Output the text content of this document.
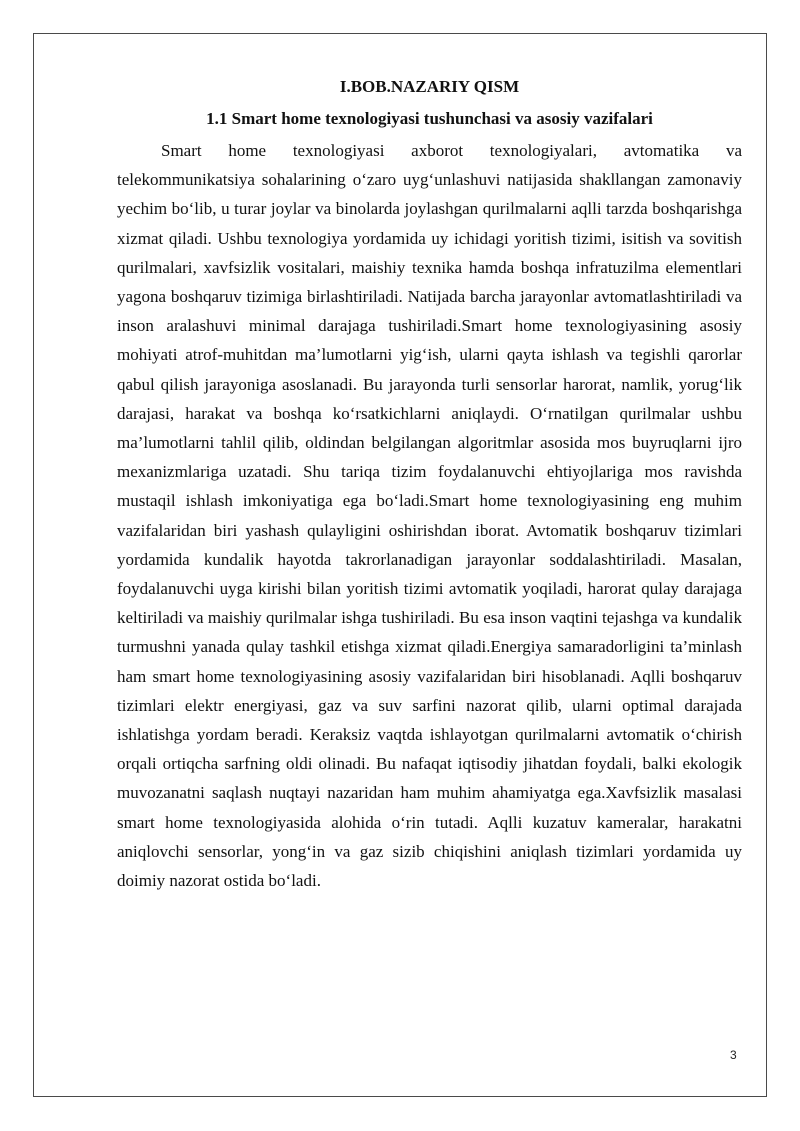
I.BOB.NAZARIY QISM
1.1 Smart home texnologiyasi tushunchasi va asosiy vazifalari

Smart home texnologiyasi axborot texnologiyalari, avtomatika va telekommunikatsiya sohalarining o‘zaro uyg‘unlashuvi natijasida shakllangan zamonaviy yechim bo‘lib, u turar joylar va binolarda joylashgan qurilmalarni aqlli tarzda boshqarishga xizmat qiladi. Ushbu texnologiya yordamida uy ichidagi yoritish tizimi, isitish va sovitish qurilmalari, xavfsizlik vositalari, maishiy texnika hamda boshqa infratuzilma elementlari yagona boshqaruv tizimiga birlashtiriladi. Natijada barcha jarayonlar avtomatlashtiriladi va inson aralashuvi minimal darajaga tushiriladi.Smart home texnologiyasining asosiy mohiyati atrof-muhitdan ma’lumotlarni yig‘ish, ularni qayta ishlash va tegishli qarorlar qabul qilish jarayoniga asoslanadi. Bu jarayonda turli sensorlar harorat, namlik, yorug‘lik darajasi, harakat va boshqa ko‘rsatkichlarni aniqlaydi. O‘rnatilgan qurilmalar ushbu ma’lumotlarni tahlil qilib, oldindan belgilangan algoritmlar asosida mos buyruqlarni ijro mexanizmlariga uzatadi. Shu tariqa tizim foydalanuvchi ehtiyojlariga mos ravishda mustaqil ishlash imkoniyatiga ega bo‘ladi.Smart home texnologiyasining eng muhim vazifalaridan biri yashash qulayligini oshirishdan iborat. Avtomatik boshqaruv tizimlari yordamida kundalik hayotda takrorlanadigan jarayonlar soddalashtiriladi. Masalan, foydalanuvchi uyga kirishi bilan yoritish tizimi avtomatik yoqiladi, harorat qulay darajaga keltiriladi va maishiy qurilmalar ishga tushiriladi. Bu esa inson vaqtini tejashga va kundalik turmushni yanada qulay tashkil etishga xizmat qiladi.Energiya samaradorligini ta’minlash ham smart home texnologiyasining asosiy vazifalaridan biri hisoblanadi. Aqlli boshqaruv tizimlari elektr energiyasi, gaz va suv sarfini nazorat qilib, ularni optimal darajada ishlatishga yordam beradi. Keraksiz vaqtda ishlayotgan qurilmalarni avtomatik o‘chirish orqali ortiqcha sarfning oldi olinadi. Bu nafaqat iqtisodiy jihatdan foydali, balki ekologik muvozanatni saqlash nuqtayi nazaridan ham muhim ahamiyatga ega.Xavfsizlik masalasi smart home texnologiyasida alohida o‘rin tutadi. Aqlli kuzatuv kameralar, harakatni aniqlovchi sensorlar, yong‘in va gaz sizib chiqishini aniqlash tizimlari yordamida uy doimiy nazorat ostida bo‘ladi.

3
